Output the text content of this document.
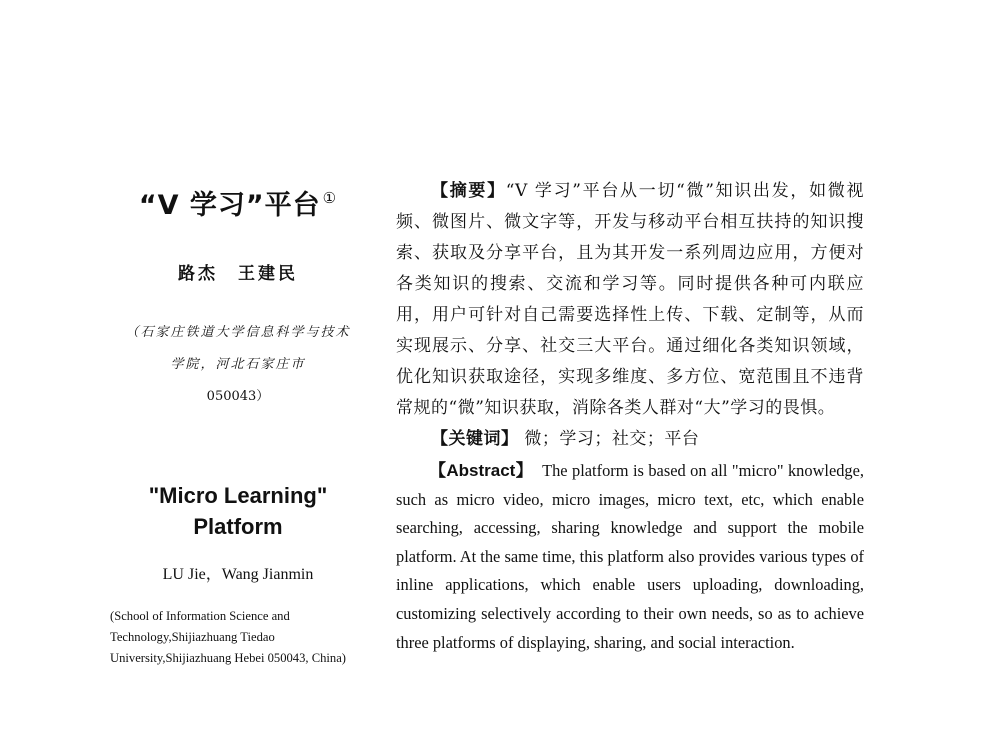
“V 学习”平台 ①
路杰　王建民
（石家庄铁道大学信息科学与技术学院，河北石家庄市
050043）
"Micro Learning" Platform
LU Jie，Wang Jianmin
(School of Information Science and Technology,Shijiazhuang Tiedao University,Shijiazhuang Hebei 050043, China)

【摘要】“V 学习”平台从一切“微”知识出发，如微视频、微图片、微文字等，开发与移动平台相互扶持的知识搜索、获取及分享平台，且为其开发一系列周边应用，方便对各类知识的搜索、交流和学习等。同时提供各种可内联应用，用户可针对自己需要选择性上传、下载、定制等，从而实现展示、分享、社交三大平台。通过细化各类知识领域，优化知识获取途径，实现多维度、多方位、宽范围且不违背常规的“微”知识获取，消除各类人群对“大”学习的畏惧。

【关键词】 微；学习；社交；平台

【Abstract】 The platform is based on all "micro" knowledge, such as micro video, micro images, micro text, etc, which enable searching, accessing, sharing knowledge and support the mobile platform. At the same time, this platform also provides various types of inline applications, which enable users uploading, downloading, customizing selectively according to their own needs, so as to achieve three platforms of displaying, sharing, and social interaction.
